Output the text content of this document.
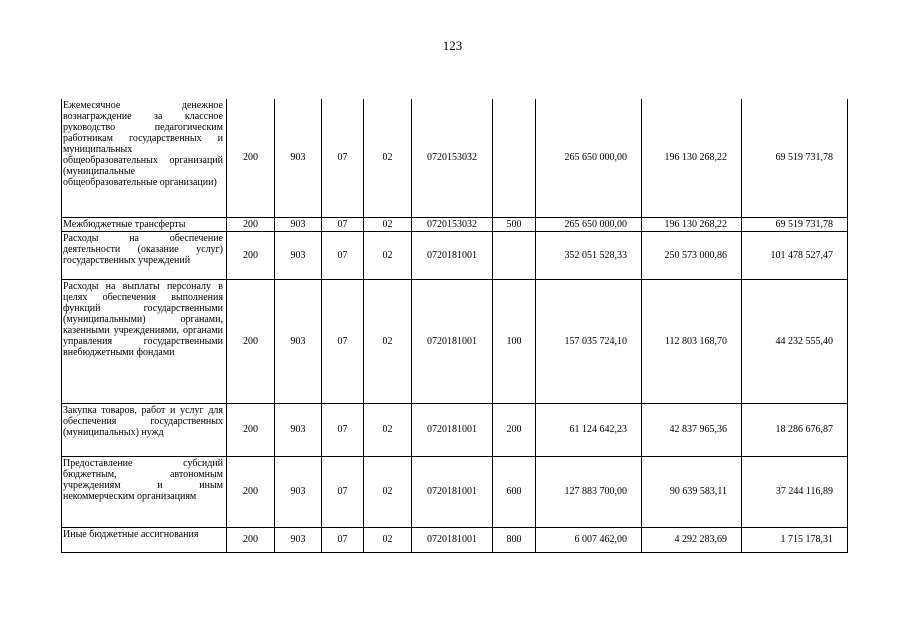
123
Ежемесячное денежное вознаграждение за классное руководство педагогическим работникам государственных и муниципальных общеобразовательных организаций (муниципальные общеобразовательные организации)	200	903	07	02	0720153032		265 650 000,00	196 130 268,22	69 519 731,78
Межбюджетные трансферты	200	903	07	02	0720153032	500	265 650 000,00	196 130 268,22	69 519 731,78
Расходы на обеспечение деятельности (оказание услуг) государственных учреждений	200	903	07	02	0720181001		352 051 528,33	250 573 000,86	101 478 527,47
Расходы на выплаты персоналу в целях обеспечения выполнения функций государственными (муниципальными) органами, казенными учреждениями, органами управления государственными внебюджетными фондами	200	903	07	02	0720181001	100	157 035 724,10	112 803 168,70	44 232 555,40
Закупка товаров, работ и услуг для обеспечения государственных (муниципальных) нужд	200	903	07	02	0720181001	200	61 124 642,23	42 837 965,36	18 286 676,87
Предоставление субсидий бюджетным, автономным учреждениям и иным некоммерческим организациям	200	903	07	02	0720181001	600	127 883 700,00	90 639 583,11	37 244 116,89
Иные бюджетные ассигнования	200	903	07	02	0720181001	800	6 007 462,00	4 292 283,69	1 715 178,31
